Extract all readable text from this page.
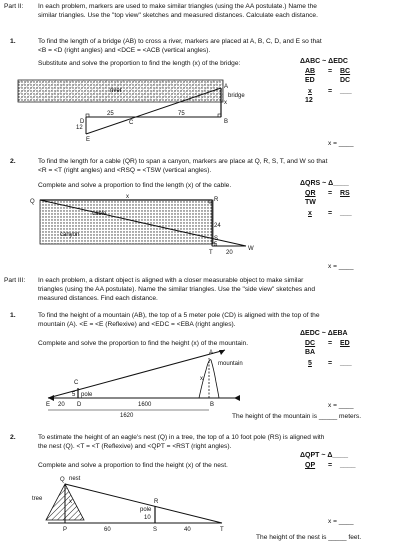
Part II: In each problem, markers are used to make similar triangles (using the AA postulate.) Name the
similar triangles. Use the "top view" sketches and measured distances. Calculate each distance.
1.	To find the length of a bridge (AB) to cross a river, markers are placed at A, B, C, D, and E so that
<B = <D (right angles) and <DCE = <ACB (vertical angles).
Substitute and solve the proportion to find the length (x) of the bridge:	ΔABC ~ ΔEDC
AB = BC
ED	DC
x = ___
12
x = ____
2.	To find the length for a cable (QR) to span a canyon, markers are place at Q, R, S, T, and W so that
<R = <T (right angles) and <RSQ = <TSW (vertical angles).
Complete and solve a proportion to find the length (x) of the cable.	ΔQRS ~ Δ____
QR = RS
TW
x = ___
x = ____
Part III: In each problem, a distant object is aligned with a closer measurable object to make similar
triangles (using the AA postulate). Name the similar triangles. Use the "side view" sketches and
measured distances. Find each distance.
1.	To find the height of a mountain (AB), the top of a 5 meter pole (CD) is aligned with the top of the
mountain (A). <E = <E (Reflexive) and <EDC = <EBA (right angles).
Complete and solve the proportion to find the height (x) of the mountain.
ΔEDC ~ ΔEBA
DC = ED
BA
5 = ___
x = ____
The height of the mountain is _____ meters.
2.	To estimate the height of an eagle's nest (Q) in a tree, the top of a 10 foot pole (RS) is aligned with
the nest (Q). <T = <T (Reflexive) and <QPT = <RST (right angles).
Complete and solve a proportion to find the height (x) of the nest.
ΔQPT ~ Δ____
QP = ____
x = ____
The height of the nest is _____ feet.
A
B
C
D
E
x
river
bridge
25	75
12
Q	R
S
T
W
x
cable
canyon
24
5
20
A
B
C
D
E
x
mountain
pole
5
20	1600
1620
Q nest
tree	x	R
pole
10
P	S	T
60	40
